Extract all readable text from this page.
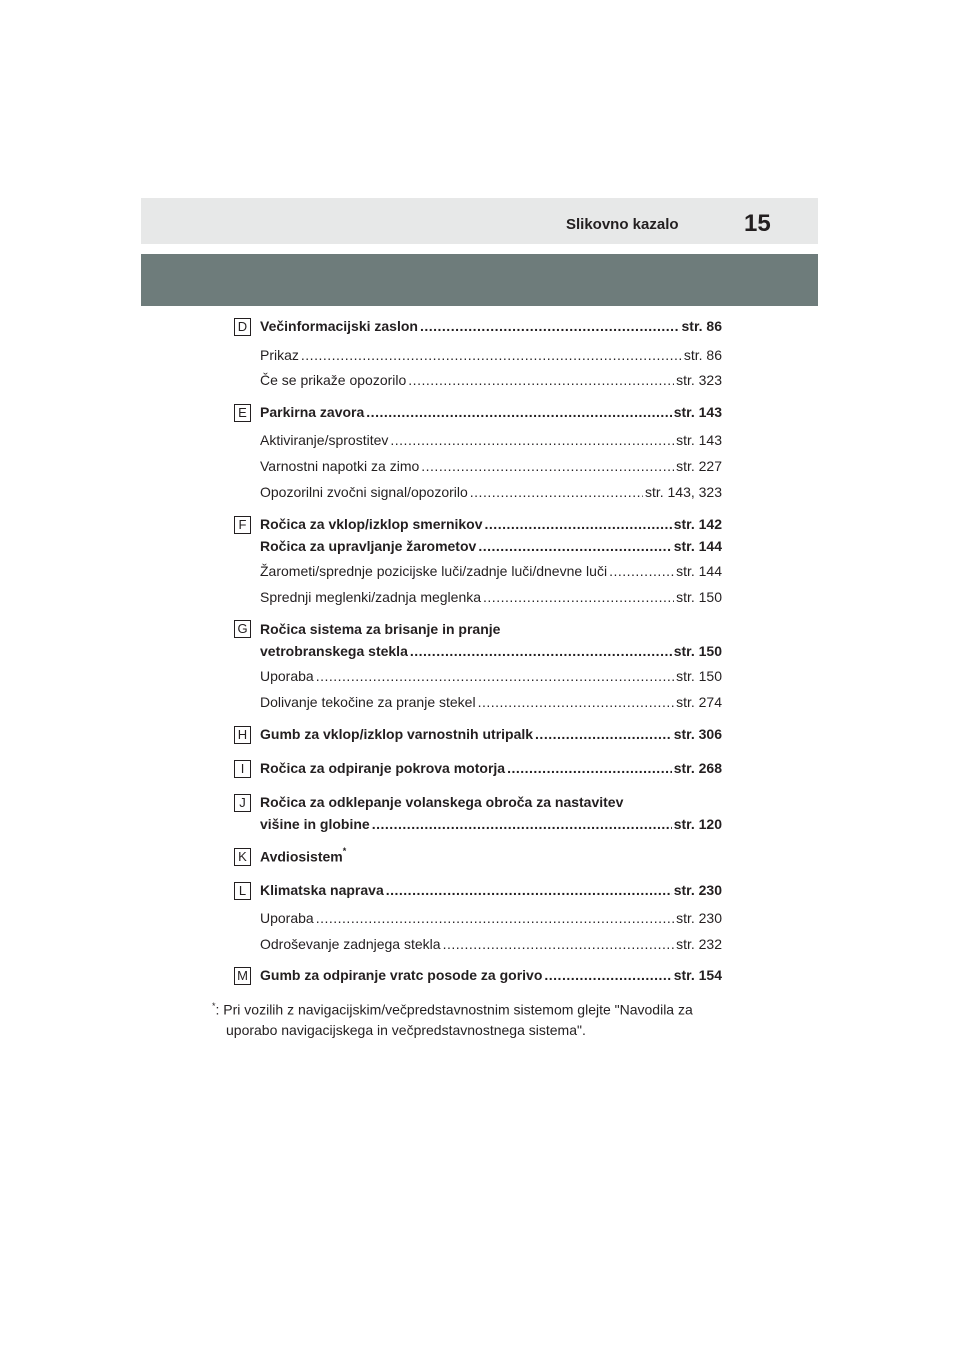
Slikovno kazalo	15
D Večinformacijski zaslon .....	str. 86
Prikaz .....	str. 86
Če se prikaže opozorilo .....	str. 323
E Parkirna zavora .....	str. 143
Aktiviranje/sprostitev .....	str. 143
Varnostni napotki za zimo .....	str. 227
Opozorilni zvočni signal/opozorilo .....	str. 143, 323
F Ročica za vklop/izklop smernikov .....	str. 142
Ročica za upravljanje žarometov .....	str. 144
Žarometi/sprednje pozicijske luči/zadnje luči/dnevne luči .....	str. 144
Sprednji meglenki/zadnja meglenka .....	str. 150
G Ročica sistema za brisanje in pranje
vetrobranskega stekla .....	str. 150
Uporaba .....	str. 150
Dolivanje tekočine za pranje stekel .....	str. 274
H Gumb za vklop/izklop varnostnih utripalk .....	str. 306
I	Ročica za odpiranje pokrova motorja .....	str. 268
J	Ročica za odklepanje volanskega obroča za nastavitev
višine in globine .....	str. 120
K Avdiosistem*
L Klimatska naprava .....	str. 230
Uporaba .....	str. 230
Odroševanje zadnjega stekla .....	str. 232
M Gumb za odpiranje vratc posode za gorivo .....	str. 154
*: Pri vozilih z navigacijskim/večpredstavnostnim sistemom glejte "Navodila za
uporabo navigacijskega in večpredstavnostnega sistema".
